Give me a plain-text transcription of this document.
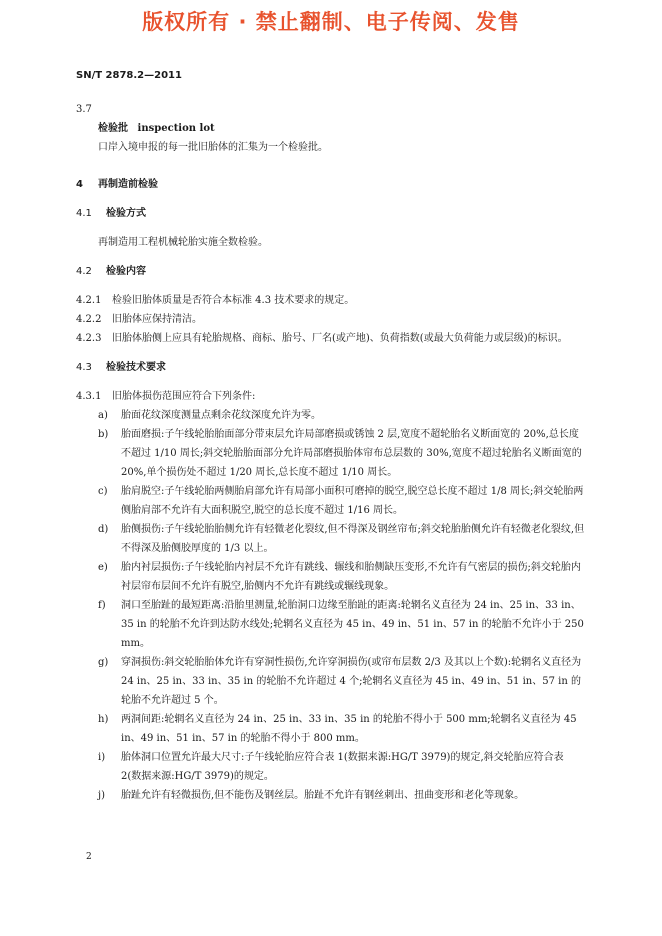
版权所有 · 禁止翻制、电子传阅、发售
SN/T 2878.2—2011
3.7
检验批 inspection lot
口岸入境申报的每一批旧胎体的汇集为一个检验批。
4 再制造前检验
4.1 检验方式
再制造用工程机械轮胎实施全数检验。
4.2 检验内容
4.2.1 检验旧胎体质量是否符合本标准 4.3 技术要求的规定。
4.2.2 旧胎体应保持清洁。
4.2.3 旧胎体胎侧上应具有轮胎规格、商标、胎号、厂名(或产地)、负荷指数(或最大负荷能力或层级)的标识。
4.3 检验技术要求
4.3.1 旧胎体损伤范围应符合下列条件:
a)	胎面花纹深度测量点剩余花纹深度允许为零。
b)	胎面磨损:子午线轮胎胎面部分带束层允许局部磨损或锈蚀 2 层,宽度不超轮胎名义断面宽的 20%,总长度不超过 1/10 周长;斜交轮胎胎面部分允许局部磨损胎体帘布总层数的 30%,宽度不超过轮胎名义断面宽的 20%,单个损伤处不超过 1/20 周长,总长度不超过 1/10 周长。
c)	胎肩脱空:子午线轮胎两侧胎肩部允许有局部小面积可磨掉的脱空,脱空总长度不超过 1/8 周长;斜交轮胎两侧胎肩部不允许有大面积脱空,脱空的总长度不超过 1/16 周长。
d)	胎侧损伤:子午线轮胎胎侧允许有轻微老化裂纹,但不得深及钢丝帘布;斜交轮胎胎侧允许有轻微老化裂纹,但不得深及胎侧胶厚度的 1/3 以上。
e)	胎内衬层损伤:子午线轮胎内衬层不允许有跳线、辗线和胎侧缺压变形,不允许有气密层的损伤;斜交轮胎内衬层帘布层间不允许有脱空,胎侧内不允许有跳线或辗线现象。
f)	洞口至胎趾的最短距离:沿胎里测量,轮胎洞口边缘至胎趾的距离:轮辋名义直径为 24 in、25 in、33 in、35 in 的轮胎不允许到达防水线处;轮辋名义直径为 45 in、49 in、51 in、57 in 的轮胎不允许小于 250 mm。
g)	穿洞损伤:斜交轮胎胎体允许有穿洞性损伤,允许穿洞损伤(或帘布层数 2/3 及其以上个数):轮辋名义直径为 24 in、25 in、33 in、35 in 的轮胎不允许超过 4 个;轮辋名义直径为 45 in、49 in、51 in、57 in 的轮胎不允许超过 5 个。
h)	两洞间距:轮辋名义直径为 24 in、25 in、33 in、35 in 的轮胎不得小于 500 mm;轮辋名义直径为 45 in、49 in、51 in、57 in 的轮胎不得小于 800 mm。
i)	胎体洞口位置允许最大尺寸:子午线轮胎应符合表 1(数据来源:HG/T 3979)的规定,斜交轮胎应符合表 2(数据来源:HG/T 3979)的规定。
j)	胎趾允许有轻微损伤,但不能伤及钢丝层。胎趾不允许有钢丝刺出、扭曲变形和老化等现象。
2
